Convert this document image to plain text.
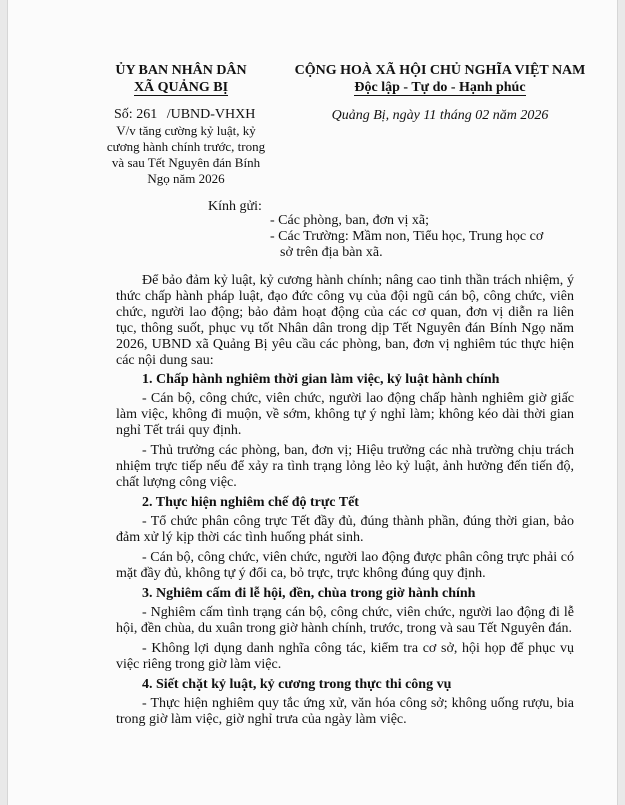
ỦY BAN NHÂN DÂN
XÃ QUẢNG BỊ
CỘNG HOÀ XÃ HỘI CHỦ NGHĨA VIỆT NAM
Độc lập - Tự do - Hạnh phúc
Số: 261 /UBND-VHXH
V/v tăng cường kỷ luật, kỷ
cương hành chính trước, trong
và sau Tết Nguyên đán Bính
Ngọ năm 2026
Quảng Bị, ngày 11 tháng 02 năm 2026
Kính gửi:
- Các phòng, ban, đơn vị xã;
- Các Trường: Mầm non, Tiểu học, Trung học cơ
sở trên địa bàn xã.

Để bảo đảm kỷ luật, kỷ cương hành chính; nâng cao tinh thần trách nhiệm, ý thức chấp hành pháp luật, đạo đức công vụ của đội ngũ cán bộ, công chức, viên chức, người lao động; bảo đảm hoạt động của các cơ quan, đơn vị diễn ra liên tục, thông suốt, phục vụ tốt Nhân dân trong dịp Tết Nguyên đán Bính Ngọ năm 2026, UBND xã Quảng Bị yêu cầu các phòng, ban, đơn vị nghiêm túc thực hiện các nội dung sau:

1. Chấp hành nghiêm thời gian làm việc, kỷ luật hành chính

- Cán bộ, công chức, viên chức, người lao động chấp hành nghiêm giờ giấc làm việc, không đi muộn, về sớm, không tự ý nghỉ làm; không kéo dài thời gian nghỉ Tết trái quy định.

- Thủ trưởng các phòng, ban, đơn vị; Hiệu trưởng các nhà trường chịu trách nhiệm trực tiếp nếu để xảy ra tình trạng lỏng lẻo kỷ luật, ảnh hưởng đến tiến độ, chất lượng công việc.

2. Thực hiện nghiêm chế độ trực Tết

- Tổ chức phân công trực Tết đầy đủ, đúng thành phần, đúng thời gian, bảo đảm xử lý kịp thời các tình huống phát sinh.

- Cán bộ, công chức, viên chức, người lao động được phân công trực phải có mặt đầy đủ, không tự ý đổi ca, bỏ trực, trực không đúng quy định.

3. Nghiêm cấm đi lễ hội, đền, chùa trong giờ hành chính

- Nghiêm cấm tình trạng cán bộ, công chức, viên chức, người lao động đi lễ hội, đền chùa, du xuân trong giờ hành chính, trước, trong và sau Tết Nguyên đán.

- Không lợi dụng danh nghĩa công tác, kiểm tra cơ sở, hội họp để phục vụ việc riêng trong giờ làm việc.

4. Siết chặt kỷ luật, kỷ cương trong thực thi công vụ

- Thực hiện nghiêm quy tắc ứng xử, văn hóa công sở; không uống rượu, bia trong giờ làm việc, giờ nghỉ trưa của ngày làm việc.
